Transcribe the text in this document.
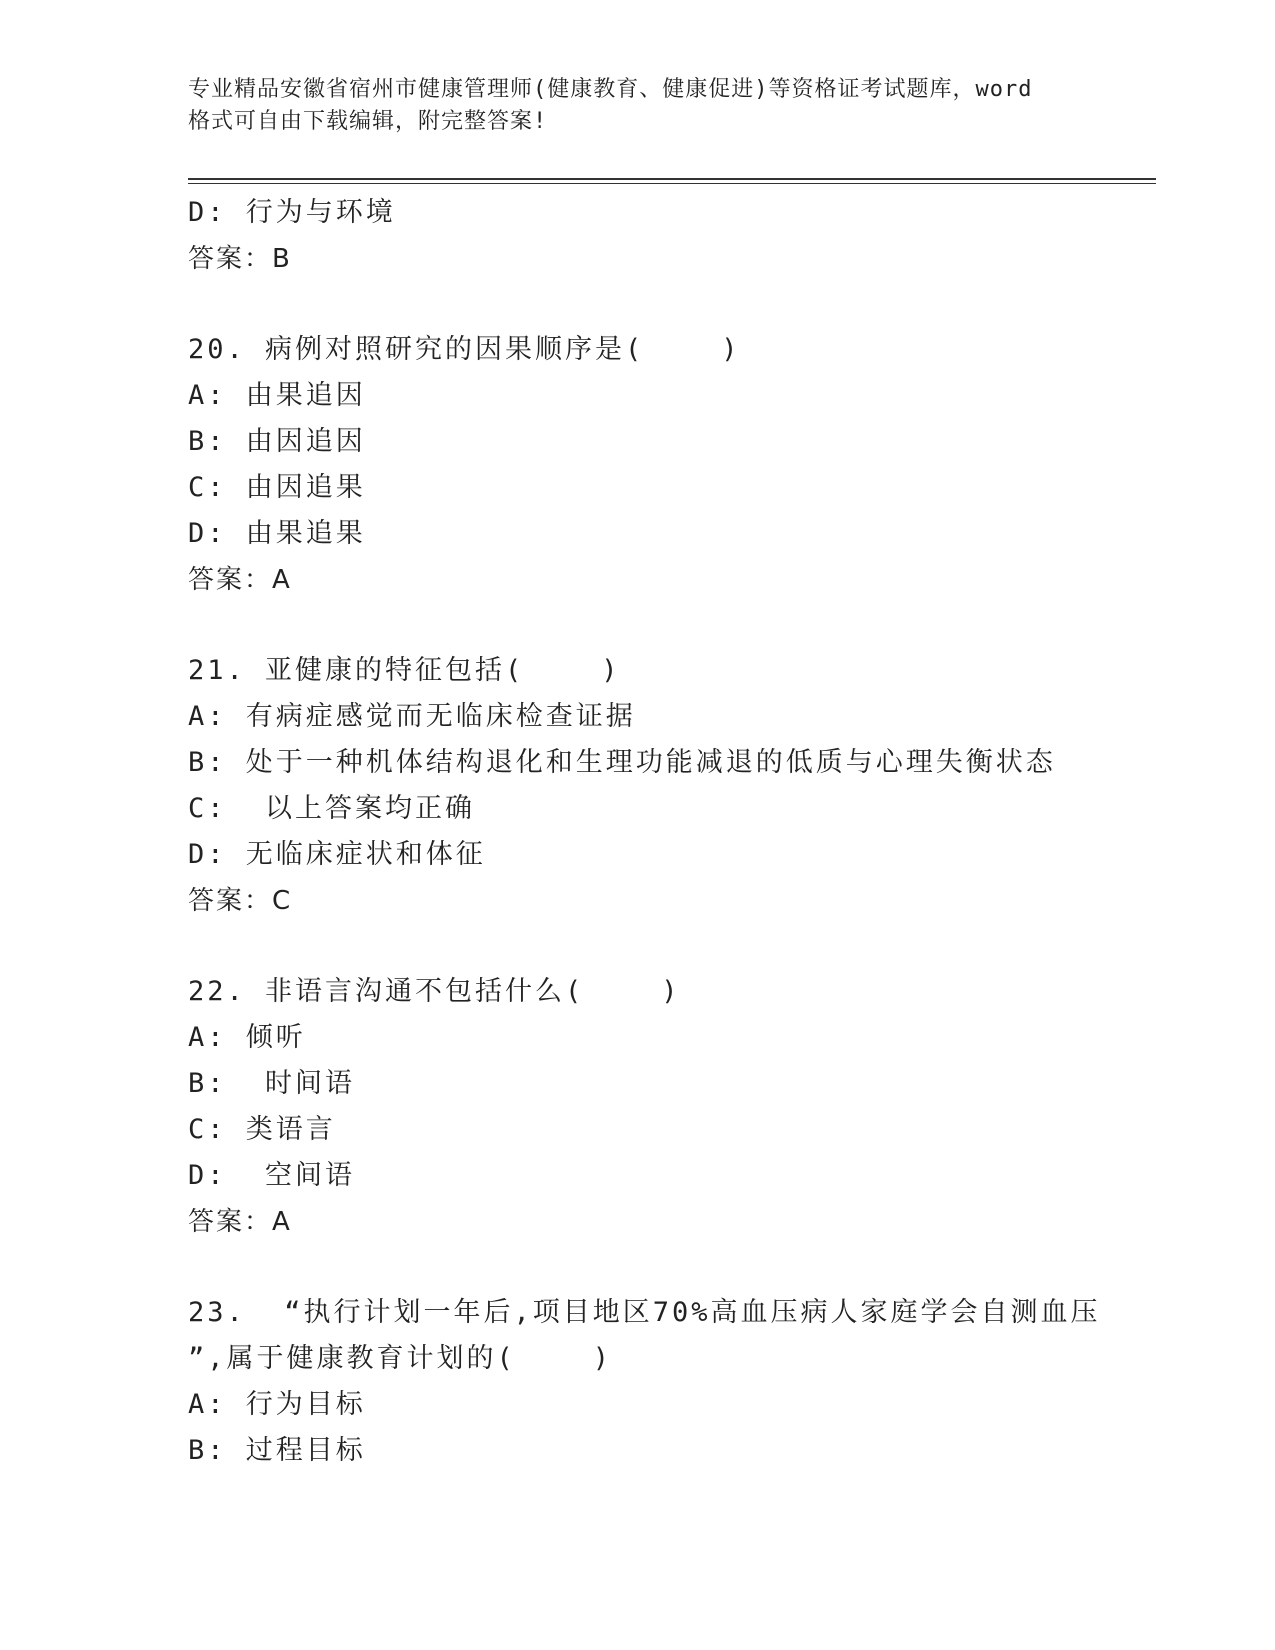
专业精品安徽省宿州市健康管理师(健康教育、健康促进)等资格证考试题库，word
格式可自由下载编辑，附完整答案!
D: 行为与环境
答案：B
20. 病例对照研究的因果顺序是(    )
A: 由果追因
B: 由因追因
C: 由因追果
D: 由果追果
答案：A
21. 亚健康的特征包括(    )
A: 有病症感觉而无临床检查证据
B: 处于一种机体结构退化和生理功能减退的低质与心理失衡状态
C:  以上答案均正确
D: 无临床症状和体征
答案：C
22. 非语言沟通不包括什么(    )
A: 倾听
B:  时间语
C: 类语言
D:  空间语
答案：A
23.  “执行计划一年后,项目地区70%高血压病人家庭学会自测血压
”,属于健康教育计划的(    )
A: 行为目标
B: 过程目标
